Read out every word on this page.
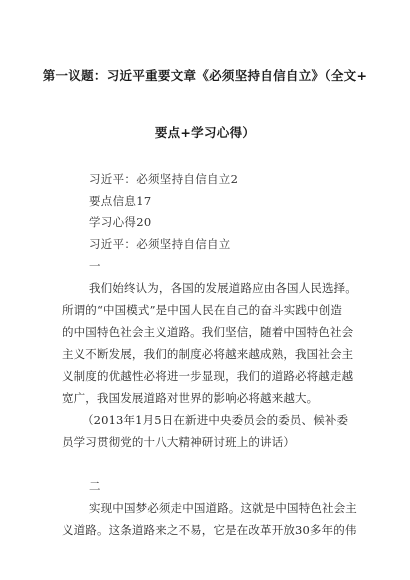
第一议题：习近平重要文章《必须坚持自信自立》（全文+
要点+学习心得）
习近平：必须坚持自信自立2
要点信息17
学习心得20
习近平：必须坚持自信自立
一
我们始终认为，各国的发展道路应由各国人民选择。
所谓的“中国模式”是中国人民在自己的奋斗实践中创造
的中国特色社会主义道路。我们坚信，随着中国特色社会
主义不断发展，我们的制度必将越来越成熟，我国社会主
义制度的优越性必将进一步显现，我们的道路必将越走越
宽广，我国发展道路对世界的影响必将越来越大。
（2013年1月5日在新进中央委员会的委员、候补委
员学习贯彻党的十八大精神研讨班上的讲话）
二
实现中国梦必须走中国道路。这就是中国特色社会主
义道路。这条道路来之不易，它是在改革开放30多年的伟
